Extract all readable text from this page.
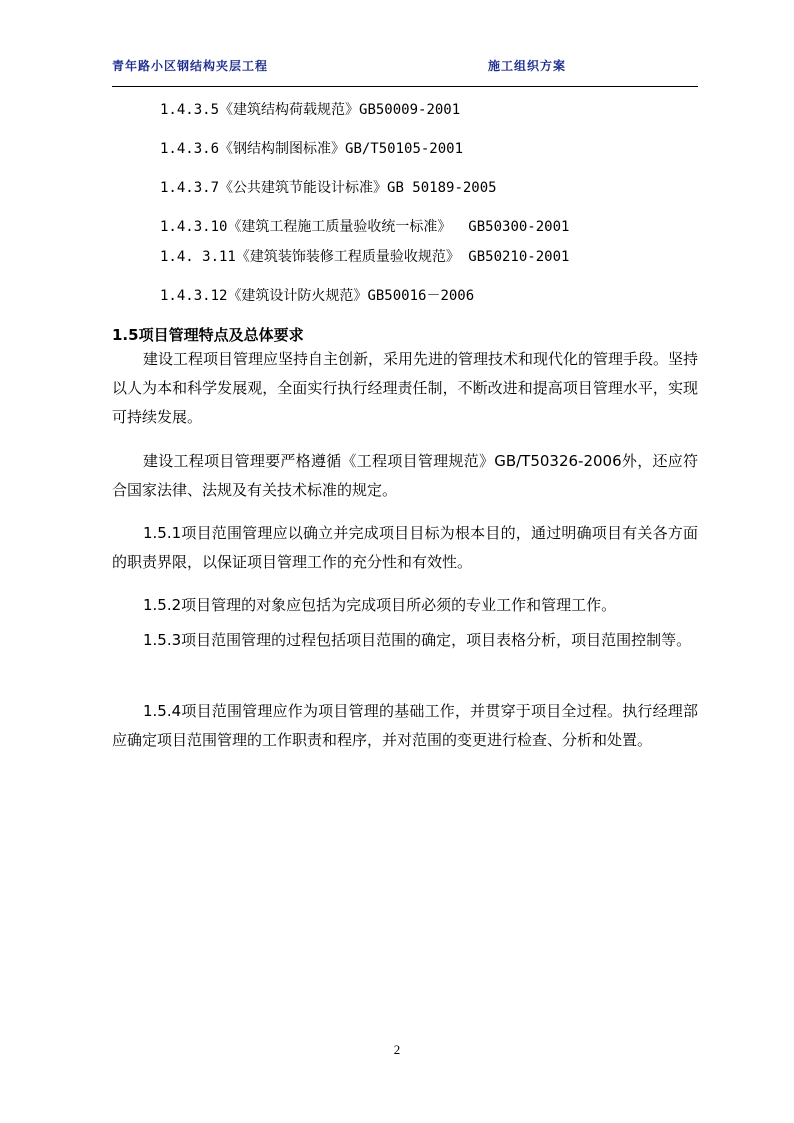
青年路小区钢结构夹层工程	施工组织方案
1.4.3.5《建筑结构荷载规范》GB50009-2001
1.4.3.6《钢结构制图标准》GB/T50105-2001
1.4.3.7《公共建筑节能设计标准》GB 50189-2005
1.4.3.10《建筑工程施工质量验收统一标准》  GB50300-2001
1.4. 3.11《建筑装饰装修工程质量验收规范》 GB50210-2001
1.4.3.12《建筑设计防火规范》GB50016－2006
1.5项目管理特点及总体要求

建设工程项目管理应坚持自主创新，采用先进的管理技术和现代化的管理手段。坚持以人为本和科学发展观，全面实行执行经理责任制，不断改进和提高项目管理水平，实现可持续发展。

建设工程项目管理要严格遵循《工程项目管理规范》GB/T50326-2006外，还应符合国家法律、法规及有关技术标准的规定。

1.5.1项目范围管理应以确立并完成项目目标为根本目的，通过明确项目有关各方面的职责界限，以保证项目管理工作的充分性和有效性。

1.5.2项目管理的对象应包括为完成项目所必须的专业工作和管理工作。

1.5.3项目范围管理的过程包括项目范围的确定，项目表格分析，项目范围控制等。

1.5.4项目范围管理应作为项目管理的基础工作，并贯穿于项目全过程。执行经理部应确定项目范围管理的工作职责和程序，并对范围的变更进行检查、分析和处置。

2
